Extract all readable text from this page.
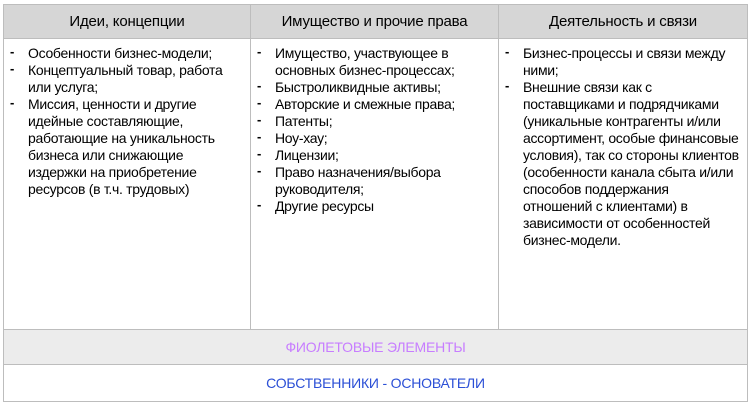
Идеи, концепции	Имущество и прочие права	Деятельность и связи
- Особенности бизнес-модели;
- Концептуальный товар, работа или услуга;
- Миссия, ценности и другие идейные составляющие, работающие на уникальность бизнеса или снижающие издержки на приобретение ресурсов (в т.ч. трудовых)
- Имущество, участвующее в основных бизнес-процессах;
- Быстроликвидные активы;
- Авторские и смежные права;
- Патенты;
- Ноу-хау;
- Лицензии;
- Право назначения/выбора руководителя;
- Другие ресурсы
- Бизнес-процессы и связи между ними;
- Внешние связи как с поставщиками и подрядчиками (уникальные контрагенты и/или ассортимент, особые финансовые условия), так со стороны клиентов (особенности канала сбыта и/или способов поддержания отношений с клиентами) в зависимости от особенностей бизнес-модели.
ФИОЛЕТОВЫЕ ЭЛЕМЕНТЫ
СОБСТВЕННИКИ - ОСНОВАТЕЛИ
